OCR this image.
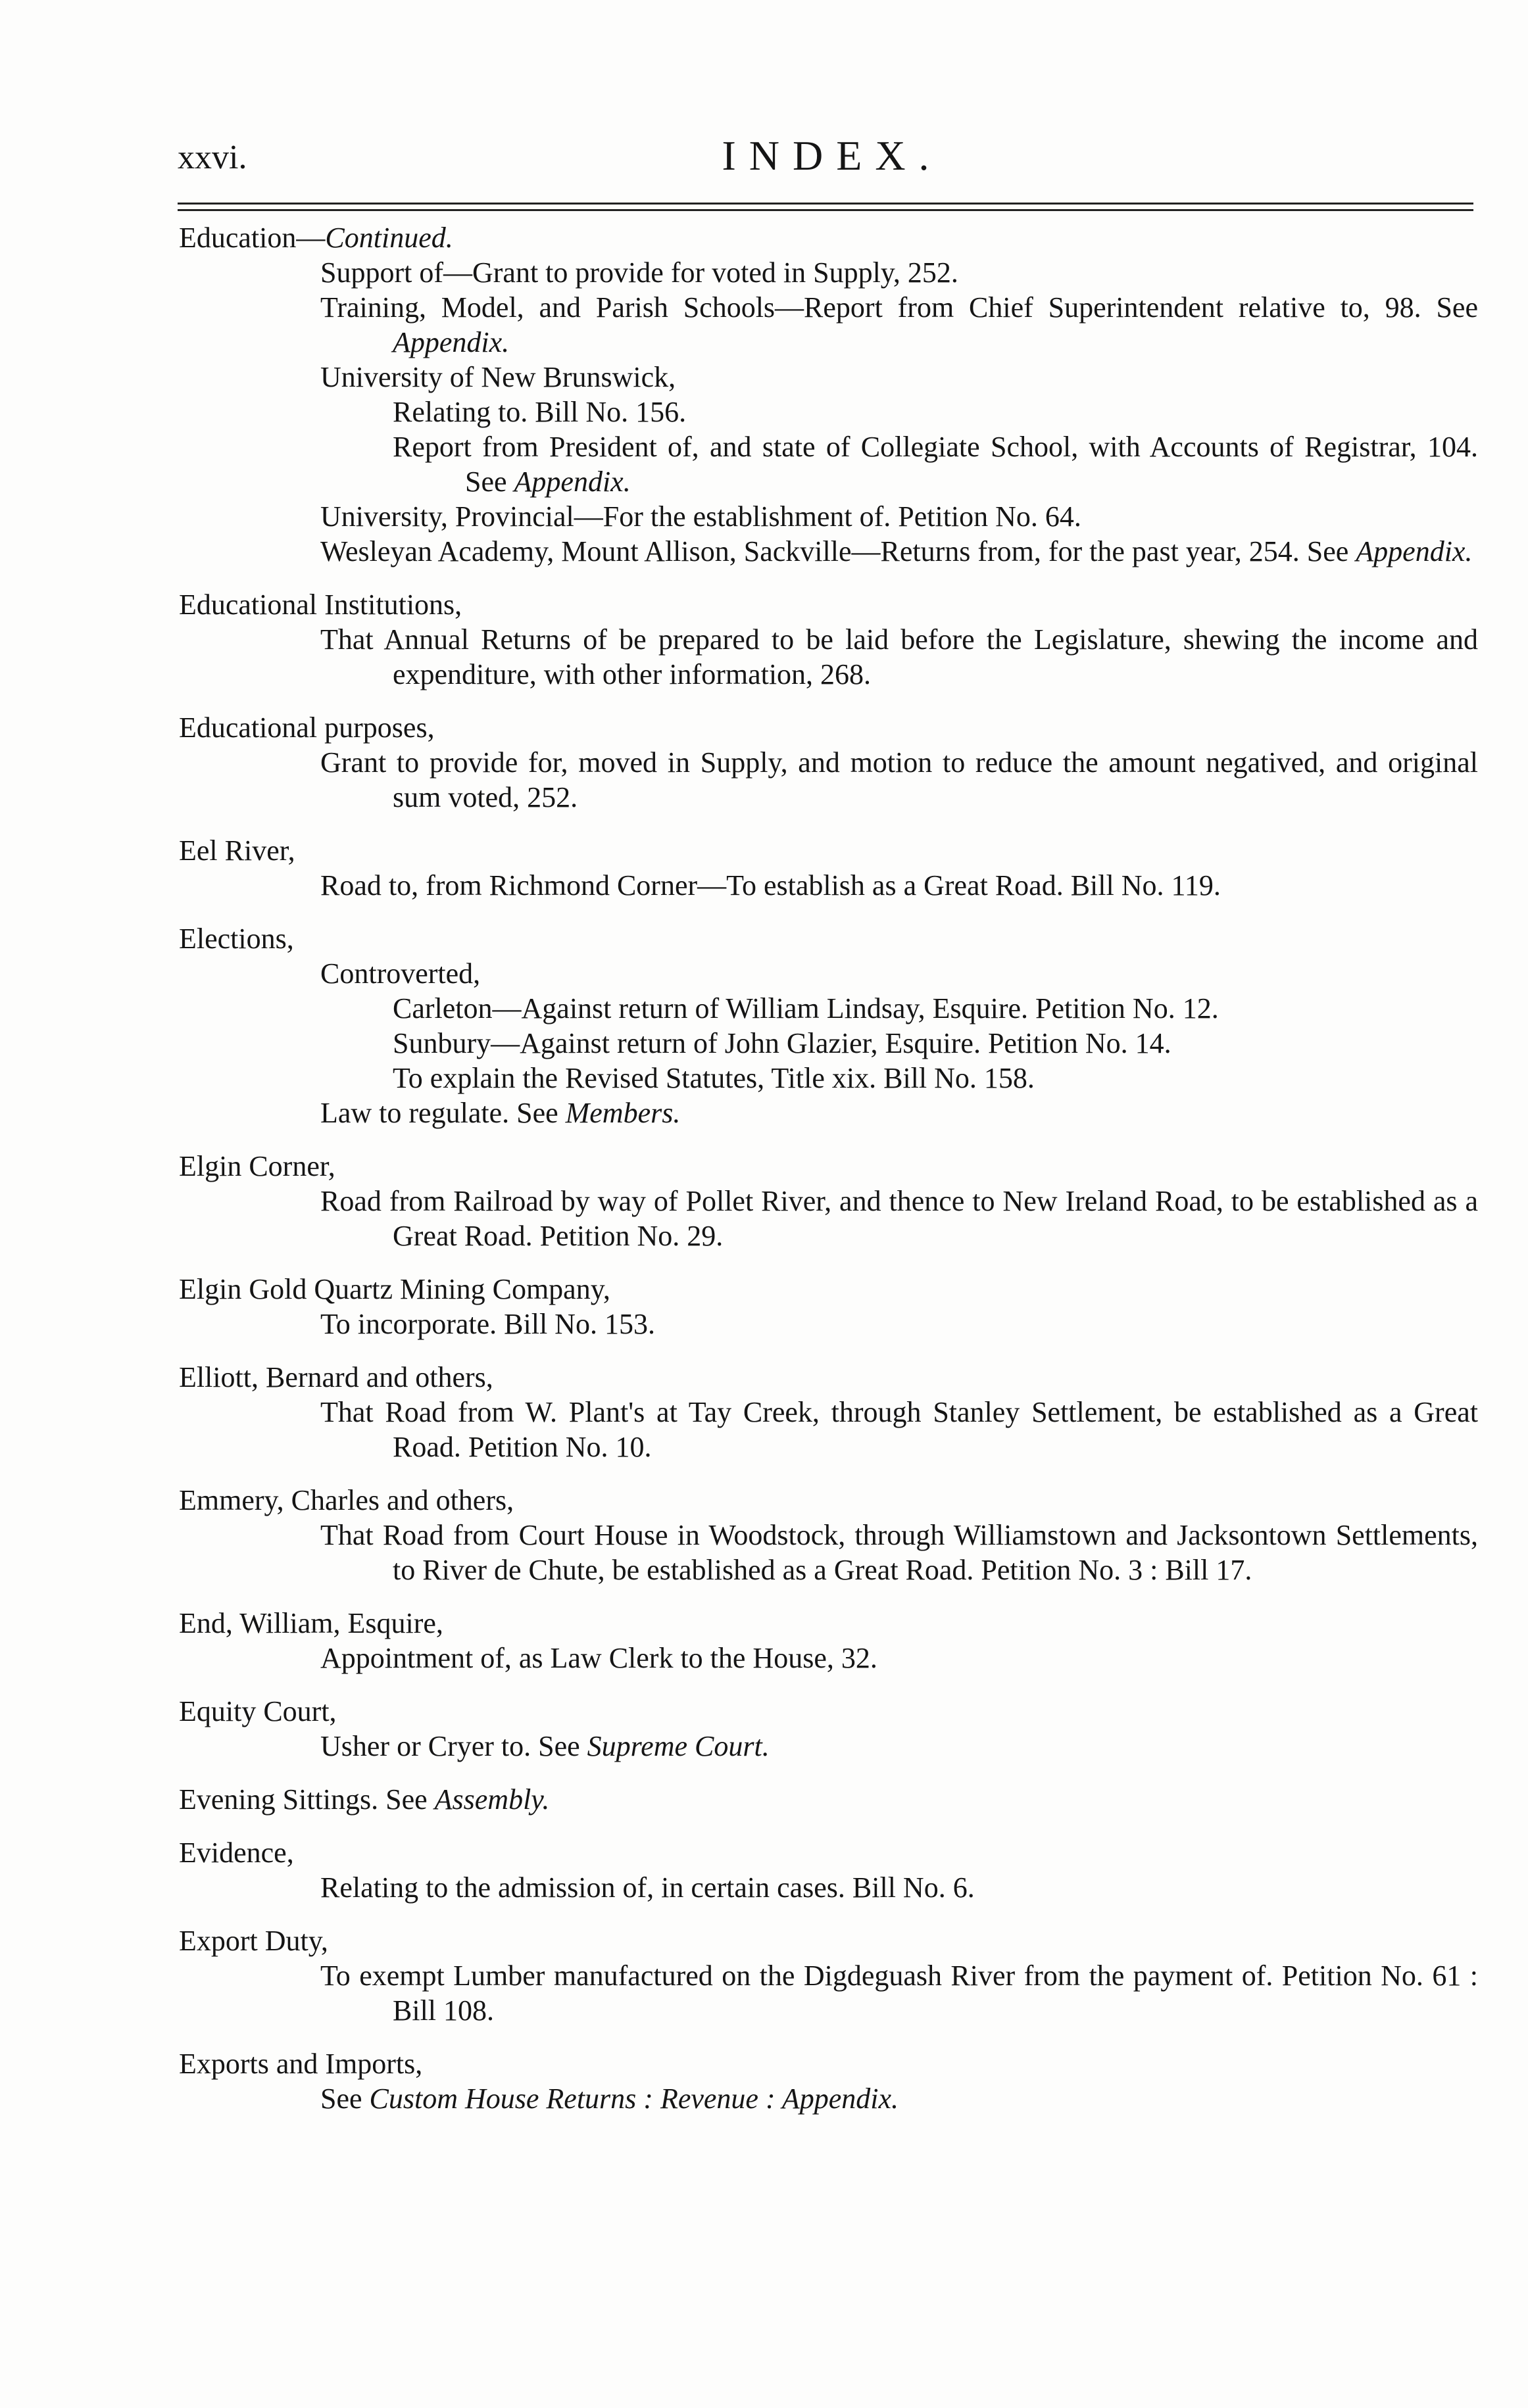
xxvi.	INDEX.
Education—Continued.
Support of—Grant to provide for voted in Supply, 252.
Training, Model, and Parish Schools—Report from Chief Superintendent relative to, 98. See Appendix.
University of New Brunswick,
Relating to. Bill No. 156.
Report from President of, and state of Collegiate School, with Accounts of Registrar, 104. See Appendix.
University, Provincial—For the establishment of. Petition No. 64.
Wesleyan Academy, Mount Allison, Sackville—Returns from, for the past year, 254. See Appendix.
Educational Institutions,
That Annual Returns of be prepared to be laid before the Legislature, shewing the income and expenditure, with other information, 268.
Educational purposes,
Grant to provide for, moved in Supply, and motion to reduce the amount negatived, and original sum voted, 252.
Eel River,
Road to, from Richmond Corner—To establish as a Great Road. Bill No. 119.
Elections,
Controverted,
Carleton—Against return of William Lindsay, Esquire. Petition No. 12.
Sunbury—Against return of John Glazier, Esquire. Petition No. 14.
To explain the Revised Statutes, Title xix. Bill No. 158.
Law to regulate. See Members.
Elgin Corner,
Road from Railroad by way of Pollet River, and thence to New Ireland Road, to be established as a Great Road. Petition No. 29.
Elgin Gold Quartz Mining Company,
To incorporate. Bill No. 153.
Elliott, Bernard and others,
That Road from W. Plant's at Tay Creek, through Stanley Settlement, be established as a Great Road. Petition No. 10.
Emmery, Charles and others,
That Road from Court House in Woodstock, through Williamstown and Jacksontown Settlements, to River de Chute, be established as a Great Road. Petition No. 3 : Bill 17.
End, William, Esquire,
Appointment of, as Law Clerk to the House, 32.
Equity Court,
Usher or Cryer to. See Supreme Court.
Evening Sittings. See Assembly.
Evidence,
Relating to the admission of, in certain cases. Bill No. 6.
Export Duty,
To exempt Lumber manufactured on the Digdeguash River from the payment of. Petition No. 61 : Bill 108.
Exports and Imports,
See Custom House Returns : Revenue : Appendix.
